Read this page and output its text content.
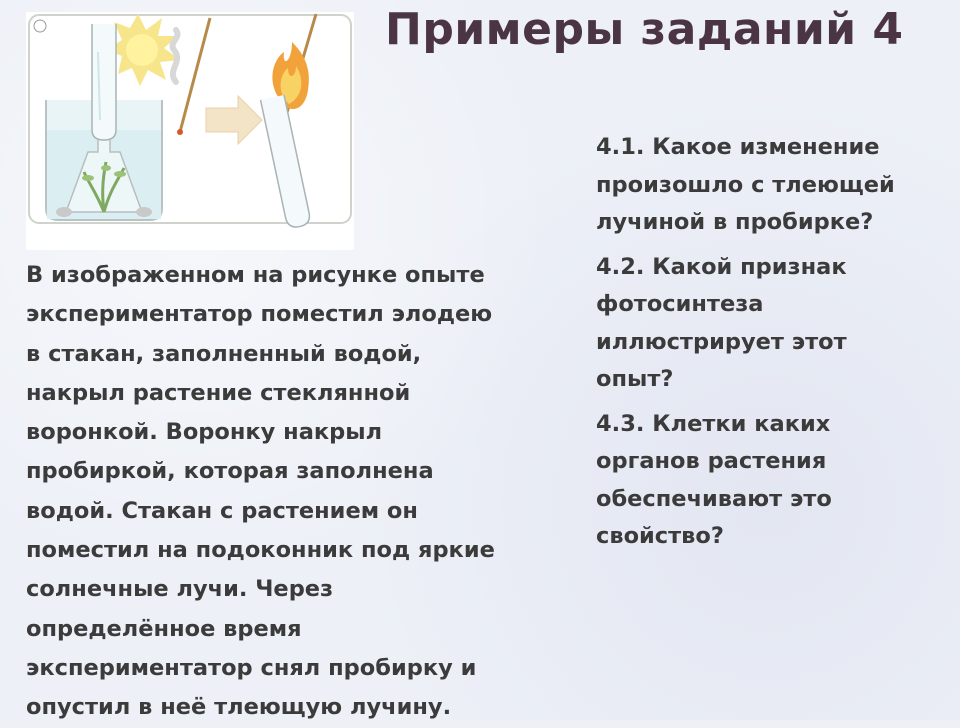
Примеры заданий 4
В изображенном на рисунке опыте
экспериментатор поместил элодею
в стакан, заполненный водой,
накрыл растение стеклянной
воронкой. Воронку накрыл
пробиркой, которая заполнена
водой. Стакан с растением он
поместил на подоконник под яркие
солнечные лучи. Через
определённое время
экспериментатор снял пробирку и
опустил в неё тлеющую лучину.
4.1. Какое изменение
произошло с тлеющей
лучиной в пробирке?
4.2. Какой признак
фотосинтеза
иллюстрирует этот
опыт?
4.3. Клетки каких
органов растения
обеспечивают это
свойство?
